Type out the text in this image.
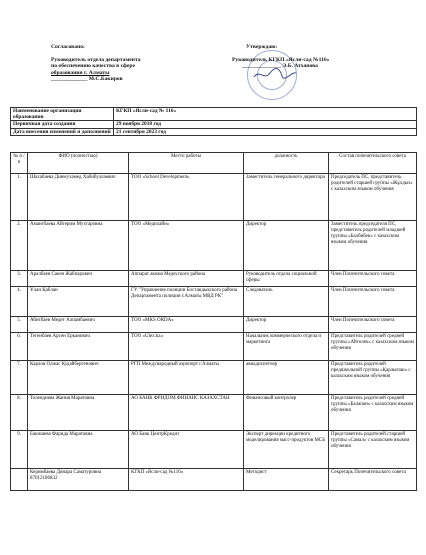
Согласовано:
Руководитель отдела департамента
по обеспечению качества в сфере
образования г. Алматы
_____________ М.С.Бакиров
Утверждаю:
Руководитель КГКП «Ясли-сад №116»
______________ Э.Б. Атханова
Наименование организации образования	КГКП «Ясли-сад № 116»
Первичная дата создания	29 ноября 2018 год
Дата внесения изменений и дополнений	21 сентября 2023 год
№ п /п	ФИО (полностью)	Место работы	должность	Состав попечительского совета
1.	Шахабаева Динмухамед Хабибуллаевич	ТОО «School Development»	Заместитель генерального директора	Председатель ПС, представитель родителей старшей группы «Жұлдыз» с казахским языком обучения
2.	Амангбаева Айгерим Мухтаровна	ТОО «Медилайн»	Директор	Заместитель председателя ПС, представитель родителей младшей группы «Балбөбек» с казахским языком обучения
3.	Аралбаев Сакен Жабпарович	Аппарат акима Медеуского района	Руководитель отдела социальной сферы	Член Попечительского совета
4.	Ұлан Қаблан	ГУ "Управление полиции Бостандыкского района Департамента полиции г.Алматы МВД РК"	Следователь	Член Попечительского совета
5.	Абитбаев Медет Алпамбаевич	ТОО «MKS ORDA»	Директор	Член Попечительского совета
6.	Тегенбаев Арсен Ерканович	ТОО «Ulex.kz»	Начальник коммерческого отдела и маркетинга	Представитель родителей средней группы «Айгөлек» с казахским языком обучения
7.	Карлов Олжас Кудайбергенович	РГП Международный аэропорт г.Алматы	авиадиспетчер	Представитель родителей предшкольной группы «Қарлығаш» с казахским языком обучения
8.	Толендиева Жания Маратовна	АО БАНК ФРИДОМ ФИНАНС КАЗАХСТАН	Финансовый контролер	Представитель родителей средней группы «Балапан» с казахским языком обучения
9.	Бакишева Фарида Маратовна	АО Банк ЦентрКредит	Эксперт дирекции кредитного моделирования масс-продуктов МСБ	Представитель родителей старшей группы «Самал» с казахским языком обучения
	Керимбаева Динара Саматуровна 87012186832	КГКП «Ясли-сад №116»	Методист	Секретарь Попечительского совета
